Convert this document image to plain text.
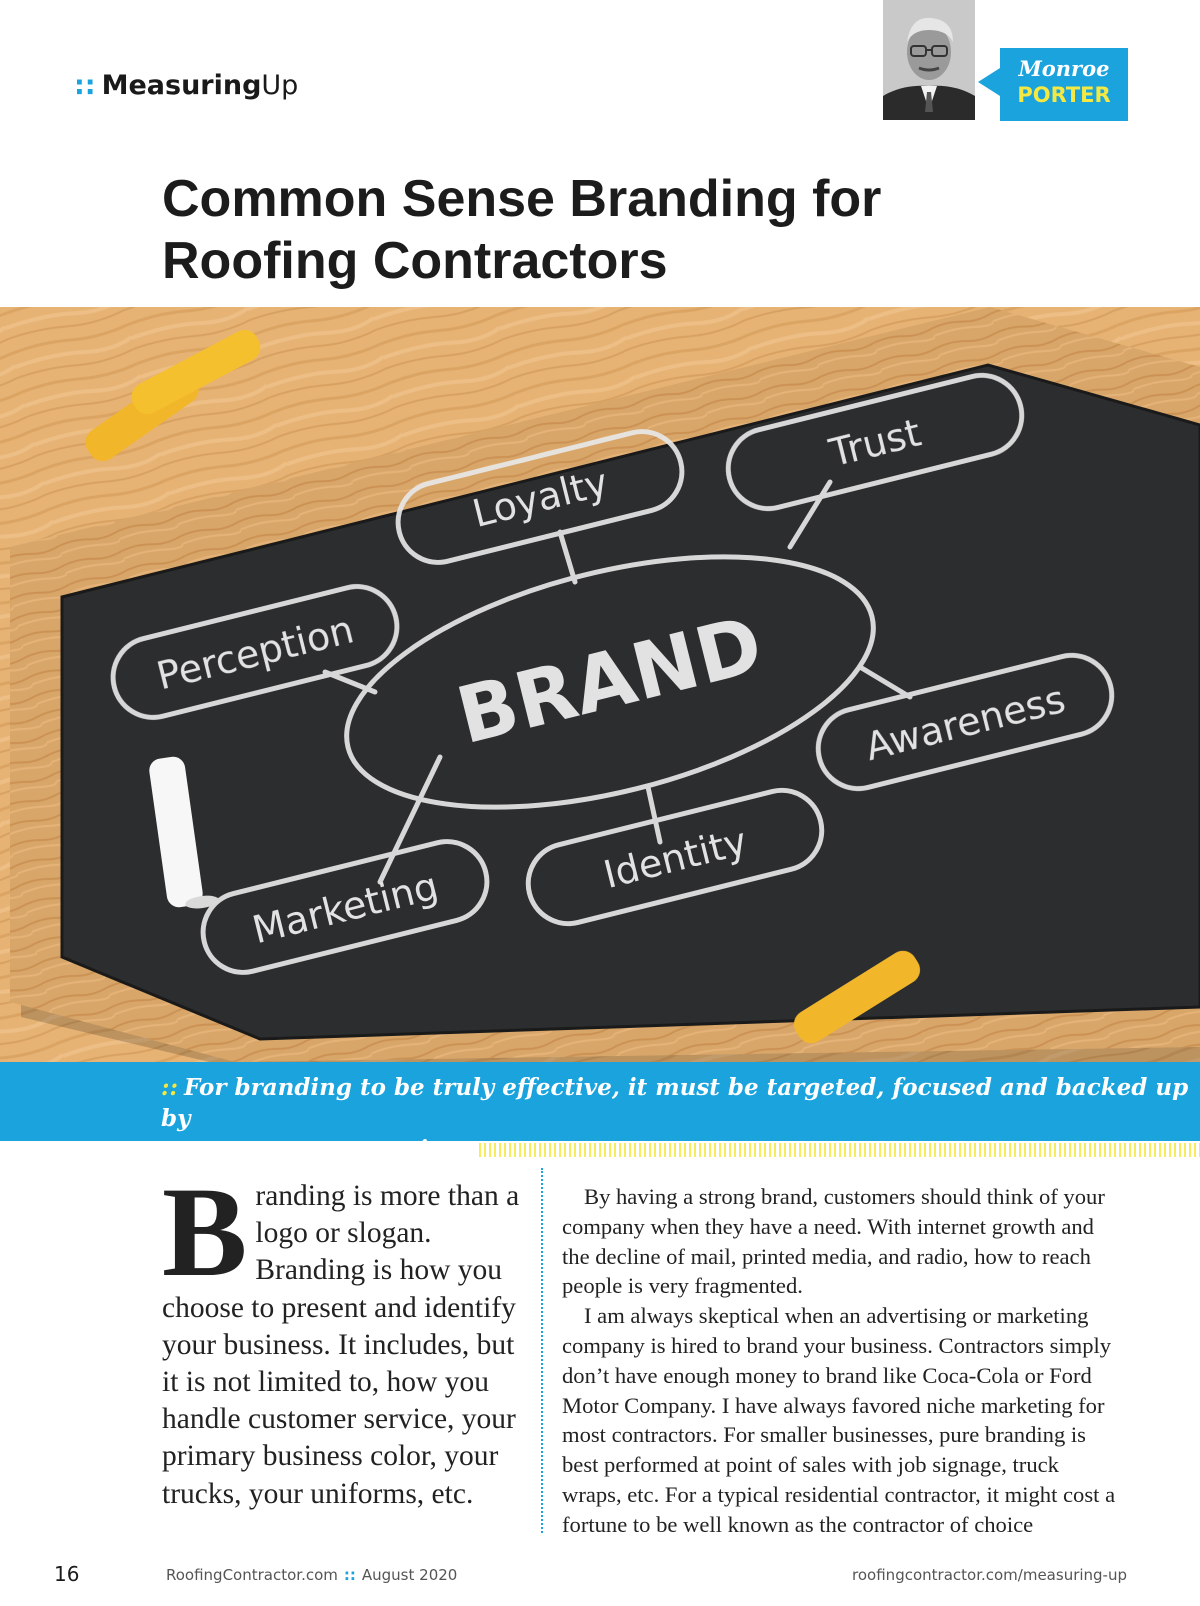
:: MeasuringUp
Monroe
PORTER
Common Sense Branding for
Roofing Contractors
BRAND
Loyalty
Trust
Perception
Awareness
Marketing
Identity
:: For branding to be truly effective, it must be targeted, focused and backed up by
great customer service.
B randing is more than a logo or slogan. Branding is how you choose to present and identify your business. It includes, but it is not limited to, how you handle customer service, your primary business color, your trucks, your uniforms, etc.

By having a strong brand, customers should think of your company when they have a need. With internet growth and the decline of mail, printed media, and radio, how to reach people is very fragmented.

I am always skeptical when an advertising or marketing company is hired to brand your business. Contractors simply don’t have enough money to brand like Coca-Cola or Ford Motor Company. I have always favored niche marketing for most contractors. For smaller businesses, pure branding is best performed at point of sales with job signage, truck wraps, etc. For a typical residential contractor, it might cost a fortune to be well known as the contractor of choice

16	RoofingContractor.com :: August 2020	roofingcontractor.com/measuring-up
